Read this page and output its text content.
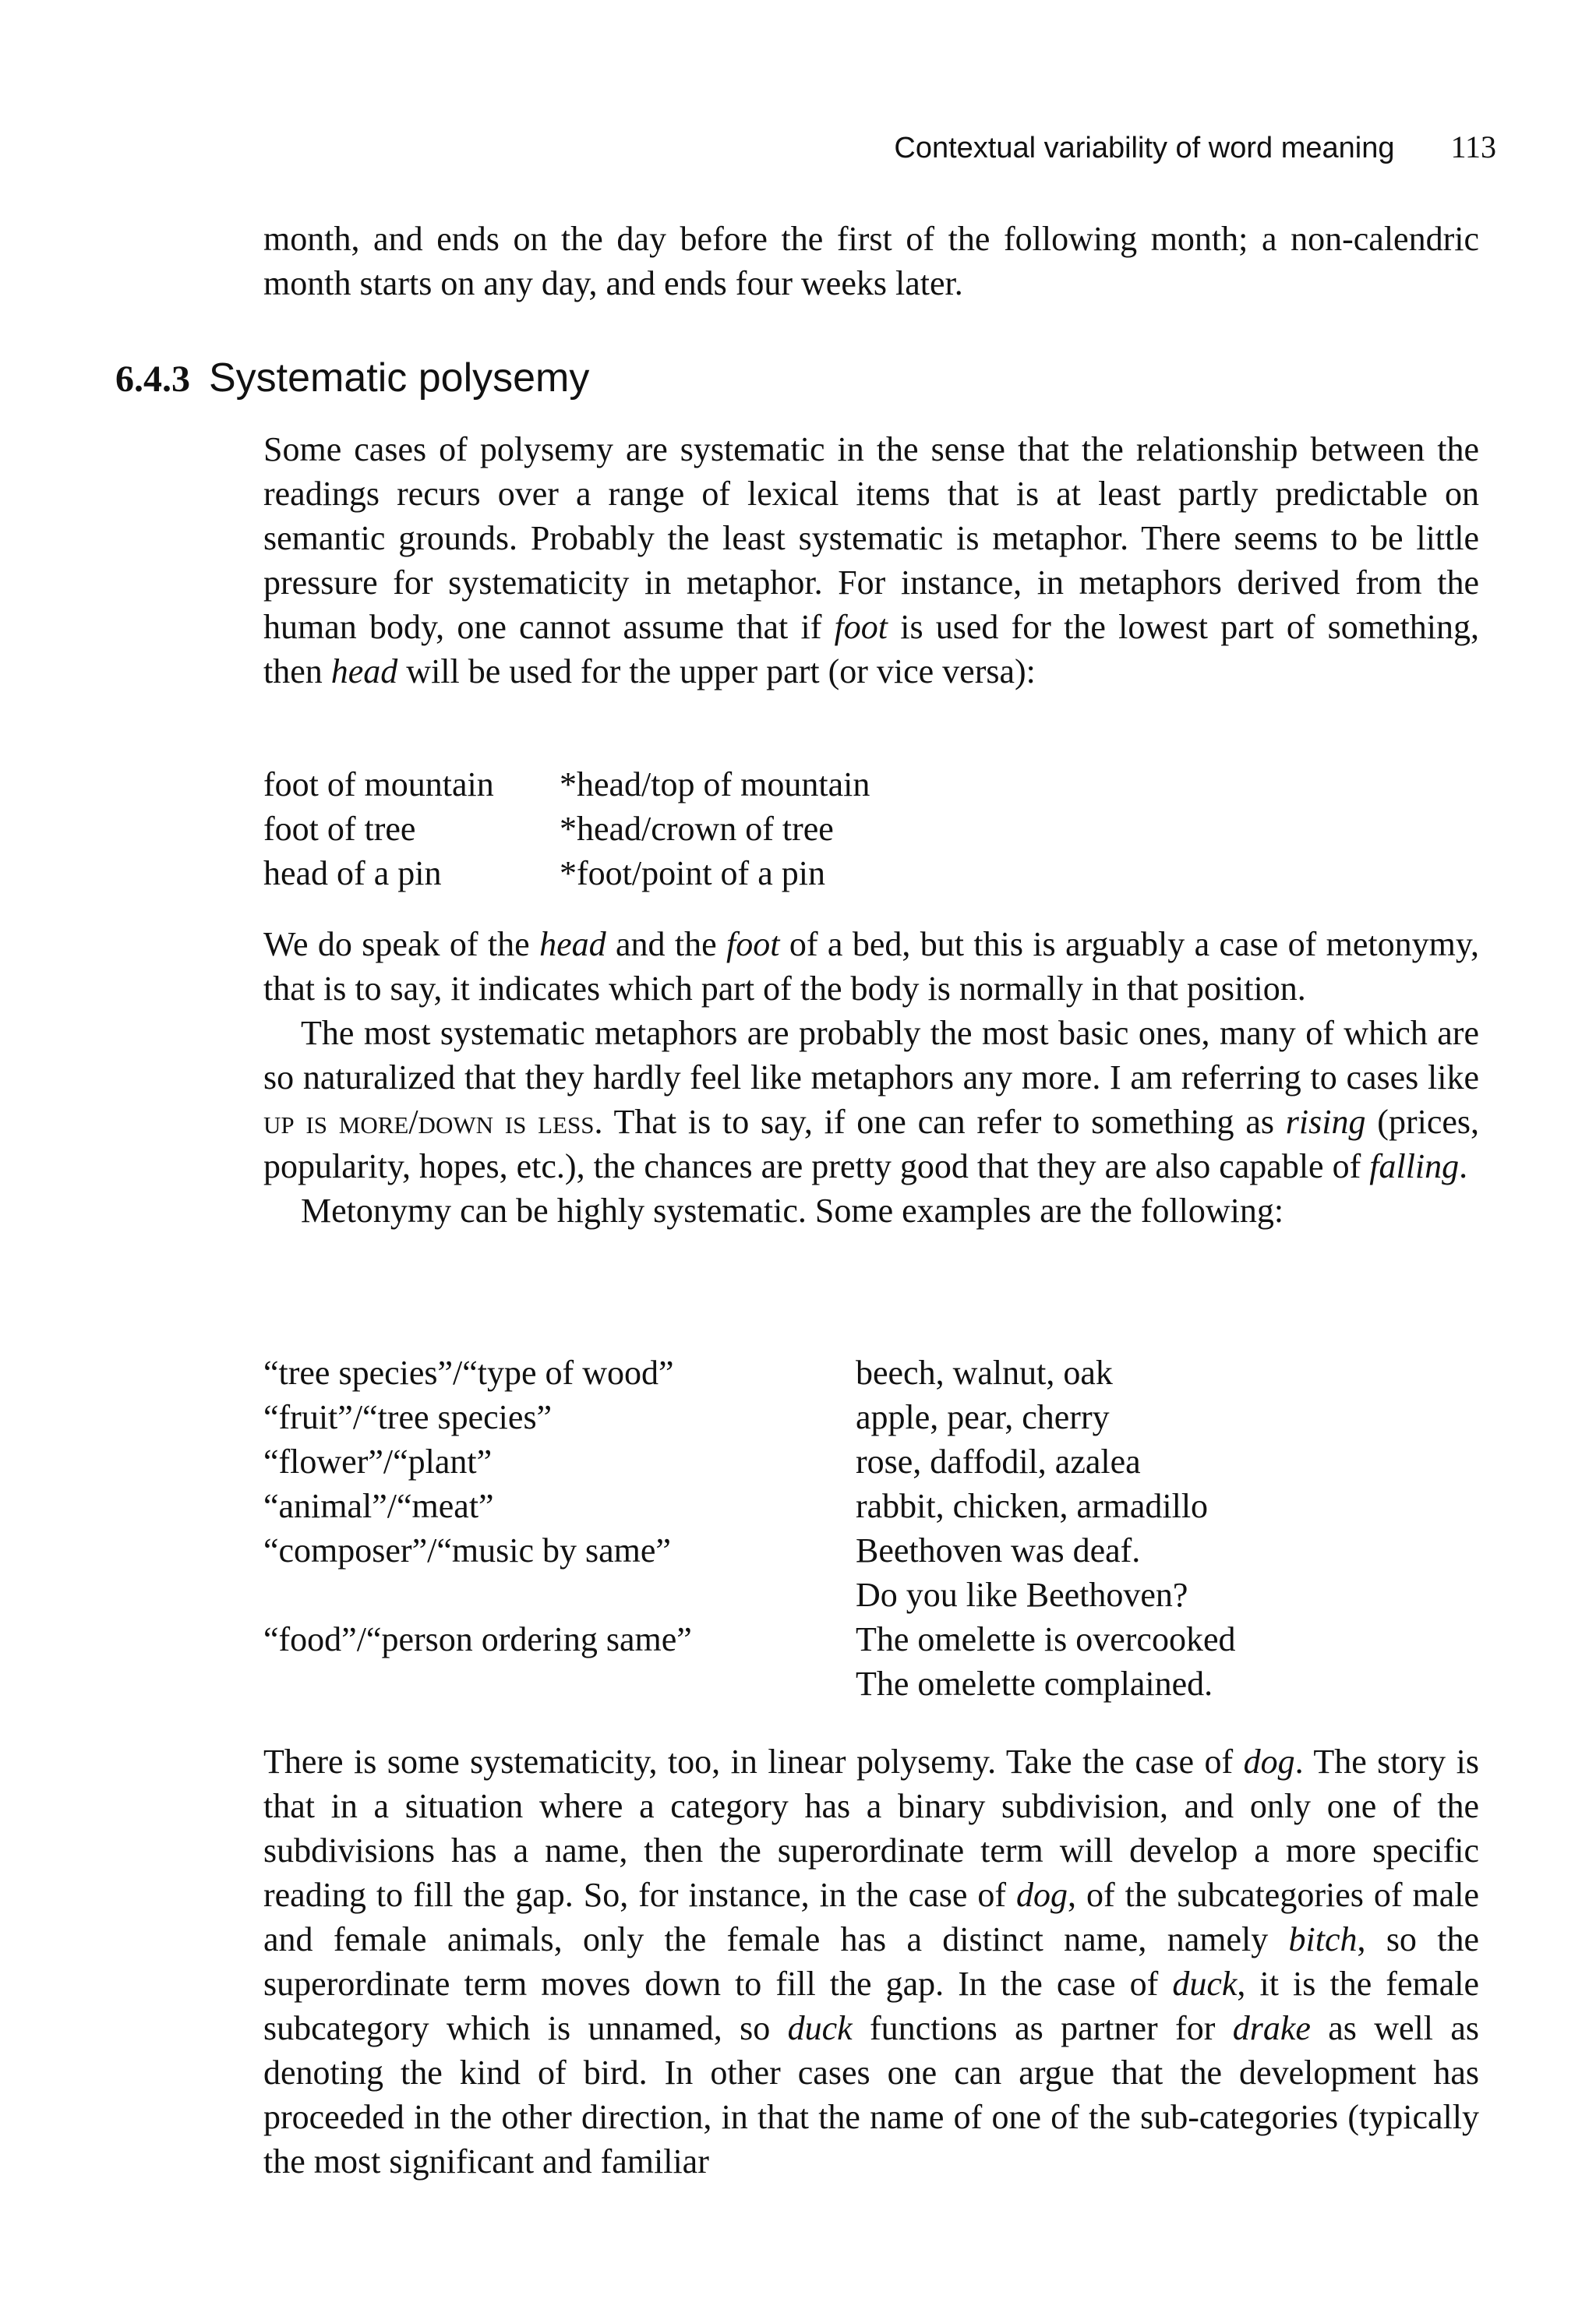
Contextual variability of word meaning 113

month, and ends on the day before the first of the following month; a non-calendric month starts on any day, and ends four weeks later.

6.4.3 Systematic polysemy

Some cases of polysemy are systematic in the sense that the relationship between the readings recurs over a range of lexical items that is at least partly predictable on semantic grounds. Probably the least systematic is metaphor. There seems to be little pressure for systematicity in metaphor. For instance, in metaphors derived from the human body, one cannot assume that if foot is used for the lowest part of something, then head will be used for the upper part (or vice versa):

foot of mountain	*head/top of mountain
foot of tree	*head/crown of tree
head of a pin	*foot/point of a pin

We do speak of the head and the foot of a bed, but this is arguably a case of metonymy, that is to say, it indicates which part of the body is normally in that position.

The most systematic metaphors are probably the most basic ones, many of which are so naturalized that they hardly feel like metaphors any more. I am referring to cases like up is more/down is less. That is to say, if one can refer to something as rising (prices, popularity, hopes, etc.), the chances are pretty good that they are also capable of falling.

Metonymy can be highly systematic. Some examples are the following:

“tree species”/“type of wood”	beech, walnut, oak
“fruit”/“tree species”	apple, pear, cherry
“flower”/“plant”	rose, daffodil, azalea
“animal”/“meat”	rabbit, chicken, armadillo
“composer”/“music by same”	Beethoven was deaf.
Do you like Beethoven?
“food”/“person ordering same”	The omelette is overcooked
The omelette complained.

There is some systematicity, too, in linear polysemy. Take the case of dog. The story is that in a situation where a category has a binary subdivision, and only one of the subdivisions has a name, then the superordinate term will develop a more specific reading to fill the gap. So, for instance, in the case of dog, of the subcategories of male and female animals, only the female has a distinct name, namely bitch, so the superordinate term moves down to fill the gap. In the case of duck, it is the female subcategory which is unnamed, so duck functions as partner for drake as well as denoting the kind of bird. In other cases one can argue that the development has proceeded in the other direction, in that the name of one of the sub-categories (typically the most significant and familiar
